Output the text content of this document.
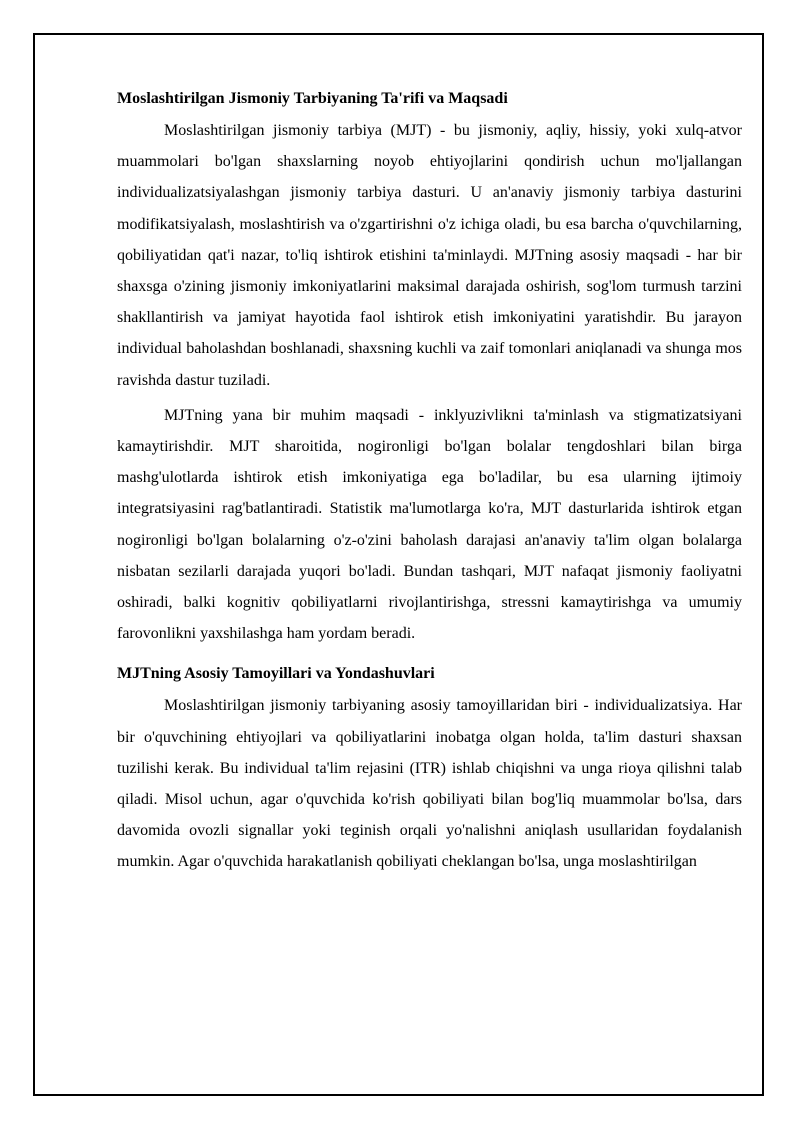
Moslashtirilgan Jismoniy Tarbiyaning Ta'rifi va Maqsadi

Moslashtirilgan jismoniy tarbiya (MJT) - bu jismoniy, aqliy, hissiy, yoki xulq-atvor muammolari bo'lgan shaxslarning noyob ehtiyojlarini qondirish uchun mo'ljallangan individualizatsiyalashgan jismoniy tarbiya dasturi. U an'anaviy jismoniy tarbiya dasturini modifikatsiyalash, moslashtirish va o'zgartirishni o'z ichiga oladi, bu esa barcha o'quvchilarning, qobiliyatidan qat'i nazar, to'liq ishtirok etishini ta'minlaydi. MJTning asosiy maqsadi - har bir shaxsga o'zining jismoniy imkoniyatlarini maksimal darajada oshirish, sog'lom turmush tarzini shakllantirish va jamiyat hayotida faol ishtirok etish imkoniyatini yaratishdir. Bu jarayon individual baholashdan boshlanadi, shaxsning kuchli va zaif tomonlari aniqlanadi va shunga mos ravishda dastur tuziladi.

MJTning yana bir muhim maqsadi - inklyuzivlikni ta'minlash va stigmatizatsiyani kamaytirishdir. MJT sharoitida, nogironligi bo'lgan bolalar tengdoshlari bilan birga mashg'ulotlarda ishtirok etish imkoniyatiga ega bo'ladilar, bu esa ularning ijtimoiy integratsiyasini rag'batlantiradi. Statistik ma'lumotlarga ko'ra, MJT dasturlarida ishtirok etgan nogironligi bo'lgan bolalarning o'z-o'zini baholash darajasi an'anaviy ta'lim olgan bolalarga nisbatan sezilarli darajada yuqori bo'ladi. Bundan tashqari, MJT nafaqat jismoniy faoliyatni oshiradi, balki kognitiv qobiliyatlarni rivojlantirishga, stressni kamaytirishga va umumiy farovonlikni yaxshilashga ham yordam beradi.

MJTning Asosiy Tamoyillari va Yondashuvlari

Moslashtirilgan jismoniy tarbiyaning asosiy tamoyillaridan biri - individualizatsiya. Har bir o'quvchining ehtiyojlari va qobiliyatlarini inobatga olgan holda, ta'lim dasturi shaxsan tuzilishi kerak. Bu individual ta'lim rejasini (ITR) ishlab chiqishni va unga rioya qilishni talab qiladi. Misol uchun, agar o'quvchida ko'rish qobiliyati bilan bog'liq muammolar bo'lsa, dars davomida ovozli signallar yoki teginish orqali yo'nalishni aniqlash usullaridan foydalanish mumkin. Agar o'quvchida harakatlanish qobiliyati cheklangan bo'lsa, unga moslashtirilgan
